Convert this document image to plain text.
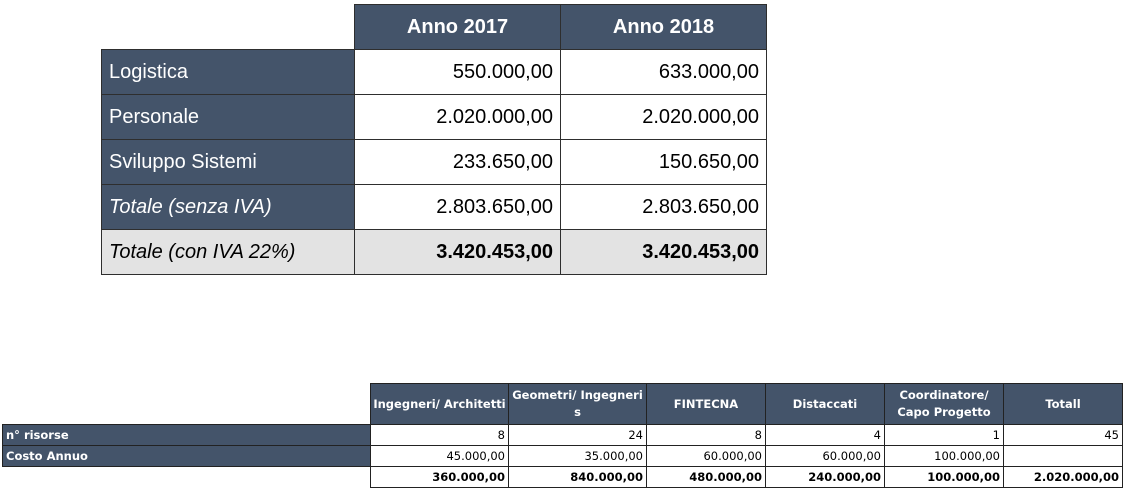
	Anno 2017	Anno 2018
Logistica	550.000,00	633.000,00
Personale	2.020.000,00	2.020.000,00
Sviluppo Sistemi	233.650,00	150.650,00
Totale (senza IVA)	2.803.650,00	2.803.650,00
Totale (con IVA 22%)	3.420.453,00	3.420.453,00
	Ingegneri/ Architetti	Geometri/ Ingegneri s	FINTECNA	Distaccati	Coordinatore/ Capo Progetto	Totall
n° risorse	8	24	8	4	1	45
Costo Annuo	45.000,00	35.000,00	60.000,00	60.000,00	100.000,00	
	360.000,00	840.000,00	480.000,00	240.000,00	100.000,00	2.020.000,00
